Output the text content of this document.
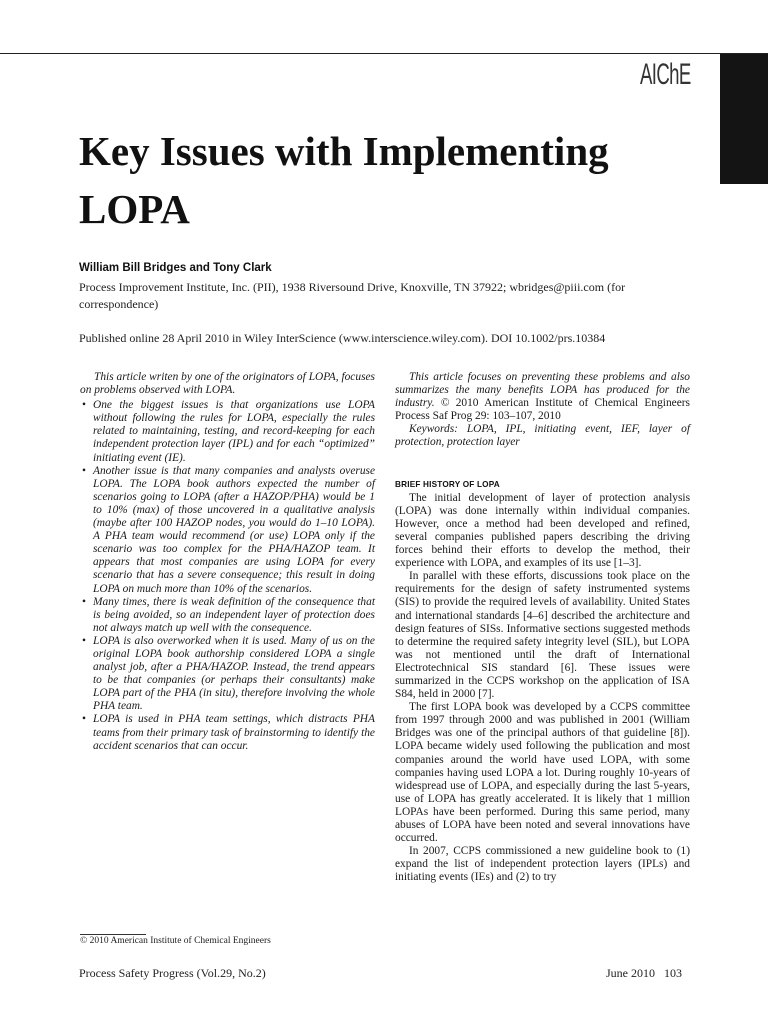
AIChE
Key Issues with Implementing LOPA
William Bill Bridges and Tony Clark
Process Improvement Institute, Inc. (PII), 1938 Riversound Drive, Knoxville, TN 37922; wbridges@piii.com (for correspondence)
Published online 28 April 2010 in Wiley InterScience (www.interscience.wiley.com). DOI 10.1002/prs.10384

This article writen by one of the originators of LOPA, focuses on problems observed with LOPA.

• One the biggest issues is that organizations use LOPA without following the rules for LOPA, especially the rules related to maintaining, testing, and record-keeping for each independent protection layer (IPL) and for each “optimized” initiating event (IE).
• Another issue is that many companies and analysts overuse LOPA. The LOPA book authors expected the number of scenarios going to LOPA (after a HAZOP/PHA) would be 1 to 10% (max) of those uncovered in a qualitative analysis (maybe after 100 HAZOP nodes, you would do 1–10 LOPA). A PHA team would recommend (or use) LOPA only if the scenario was too complex for the PHA/HAZOP team. It appears that most companies are using LOPA for every scenario that has a severe consequence; this result in doing LOPA on much more than 10% of the scenarios.
• Many times, there is weak definition of the consequence that is being avoided, so an independent layer of protection does not always match up well with the consequence.
• LOPA is also overworked when it is used. Many of us on the original LOPA book authorship considered LOPA a single analyst job, after a PHA/HAZOP. Instead, the trend appears to be that companies (or perhaps their consultants) make LOPA part of the PHA (in situ), therefore involving the whole PHA team.
• LOPA is used in PHA team settings, which distracts PHA teams from their primary task of brainstorming to identify the accident scenarios that can occur.

This article focuses on preventing these problems and also summarizes the many benefits LOPA has produced for the industry. © 2010 American Institute of Chemical Engineers Process Saf Prog 29: 103–107, 2010

Keywords: LOPA, IPL, initiating event, IEF, layer of protection, protection layer

BRIEF HISTORY OF LOPA

The initial development of layer of protection analysis (LOPA) was done internally within individual companies. However, once a method had been developed and refined, several companies published papers describing the driving forces behind their efforts to develop the method, their experience with LOPA, and examples of its use [1–3].

In parallel with these efforts, discussions took place on the requirements for the design of safety instrumented systems (SIS) to provide the required levels of availability. United States and international standards [4–6] described the architecture and design features of SISs. Informative sections suggested methods to determine the required safety integrity level (SIL), but LOPA was not mentioned until the draft of International Electrotechnical SIS standard [6]. These issues were summarized in the CCPS workshop on the application of ISA S84, held in 2000 [7].

The first LOPA book was developed by a CCPS committee from 1997 through 2000 and was published in 2001 (William Bridges was one of the principal authors of that guideline [8]). LOPA became widely used following the publication and most companies around the world have used LOPA, with some companies having used LOPA a lot. During roughly 10-years of widespread use of LOPA, and especially during the last 5-years, use of LOPA has greatly accelerated. It is likely that 1 million LOPAs have been performed. During this same period, many abuses of LOPA have been noted and several innovations have occurred.

In 2007, CCPS commissioned a new guideline book to (1) expand the list of independent protection layers (IPLs) and initiating events (IEs) and (2) to try

© 2010 American Institute of Chemical Engineers
Process Safety Progress (Vol.29, No.2)	June 2010   103
